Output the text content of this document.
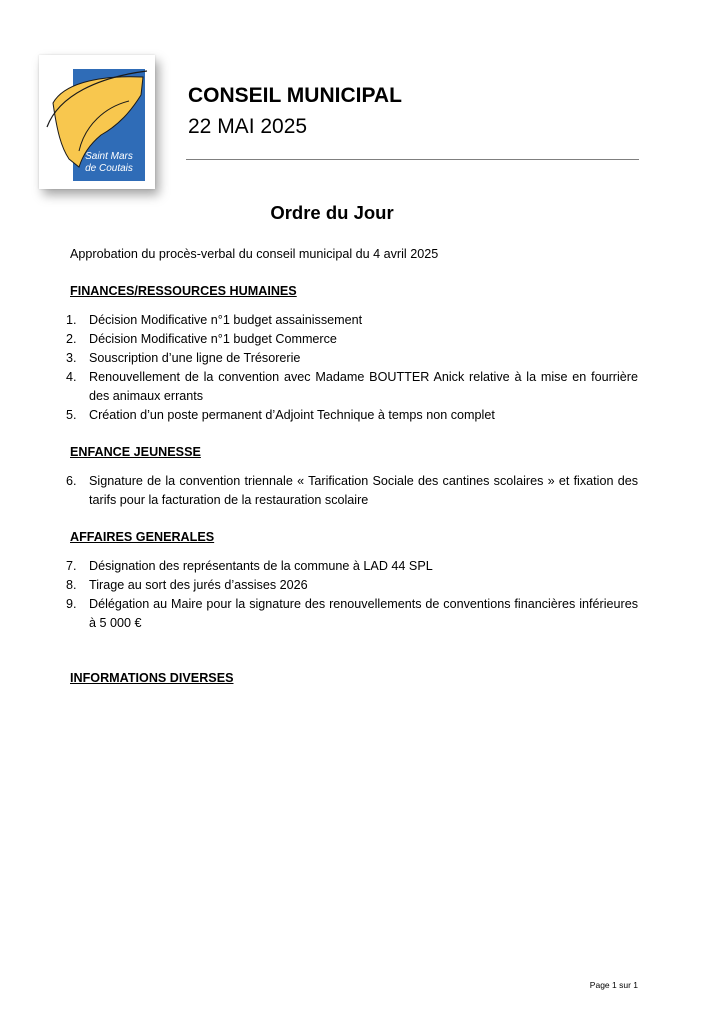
Saint Mars
de Coutais
CONSEIL MUNICIPAL
22 MAI 2025
Ordre du Jour

Approbation du procès-verbal du conseil municipal du 4 avril 2025

FINANCES/RESSOURCES HUMAINES

1. Décision Modificative n°1 budget assainissement
2. Décision Modificative n°1 budget Commerce
3. Souscription d’une ligne de Trésorerie
4. Renouvellement de la convention avec Madame BOUTTER Anick relative à la mise en fourrière des animaux errants
5. Création d’un poste permanent d’Adjoint Technique à temps non complet

ENFANCE JEUNESSE

6. Signature de la convention triennale « Tarification Sociale des cantines scolaires » et fixation des tarifs pour la facturation de la restauration scolaire

AFFAIRES GENERALES

7. Désignation des représentants de la commune à LAD 44 SPL
8. Tirage au sort des jurés d’assises 2026
9. Délégation au Maire pour la signature des renouvellements de conventions financières inférieures à 5 000 €

INFORMATIONS DIVERSES

Page 1 sur 1
